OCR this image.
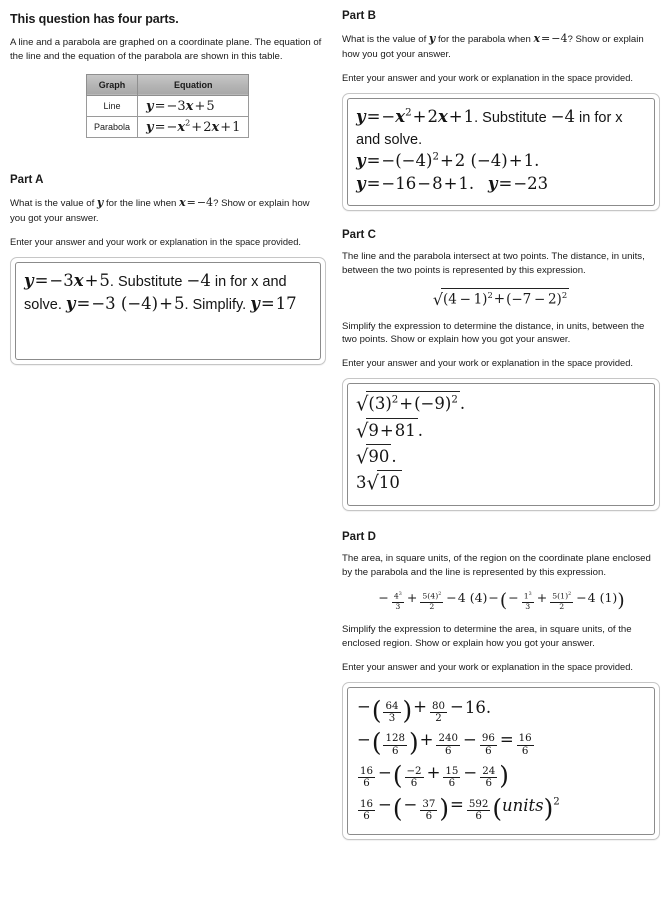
This question has four parts.
A line and a parabola are graphed on a coordinate plane. The equation of the line and the equation of the parabola are shown in this table.
Graph	Equation
Line	y=−3x+5
Parabola	$y=-x^2+2x+1$
Part A
What is the value of y for the line when x=−4? Show or explain how you got your answer.
Enter your answer and your work or explanation in the space provided.
y=−3x+5. Substitute −4 in for x and solve. y=−3 (−4)+5. Simplify. y=17
Part B
What is the value of y for the parabola when x=−4? Show or explain how you got your answer.
Enter your answer and your work or explanation in the space provided.
$y=-x^2+2x+1$. Substitute −4 in for x and solve.
$y=-(-4)^2+2$ (−4)+1.
y=−16−8+1. y=−23
Part C
The line and the parabola intersect at two points. The distance, in units, between the two points is represented by this expression.
$√(4 - 1)^2+(-7 - 2)^2$
Simplify the expression to determine the distance, in units, between the two points. Show or explain how you got your answer.
Enter your answer and your work or explanation in the space provided.
$√(3)^2+(-9)^2$ .
√9+81 .
√90 .
3√10
Part D
The area, in square units, of the region on the coordinate plane enclosed by the parabola and the line is represented by this expression.
− $\frac{4^3}{3} + \frac{5(4)^2}{2} -4$ $(4)-(- \frac{1^3}{3} + \frac{5(1)^2}{2} -4$ (1))
Simplify the expression to determine the area, in square units, of the enclosed region. Show or explain how you got your answer.
Enter your answer and your work or explanation in the space provided.
−( $\frac{64}{3}$ )+ $\frac{80}{2} -16$.
−( $\frac{128}{6}$ )+ $\frac{240}{6} - \frac{96}{6} = \frac{16}{6}$
$\frac{16}{6}$ −( $\frac{-2}{6} + \frac{15}{6} - \frac{24}{6}$ )
$\frac{16}{6}$ −(− $\frac{37}{6}$ )= $\frac{592}{6}$ (units)$^2$
